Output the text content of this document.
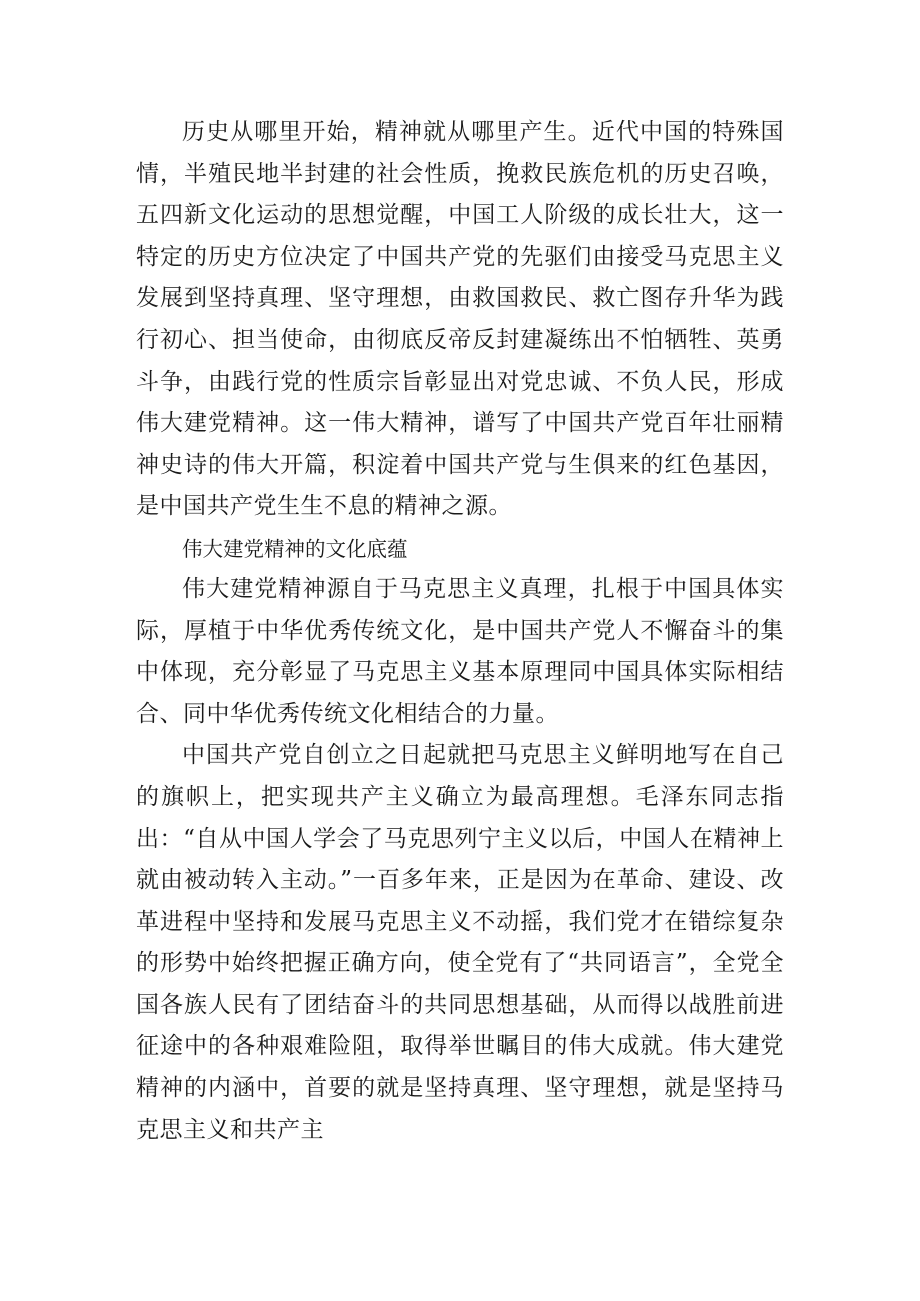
历史从哪里开始，精神就从哪里产生。近代中国的特殊国情，半殖民地半封建的社会性质，挽救民族危机的历史召唤，五四新文化运动的思想觉醒，中国工人阶级的成长壮大，这一特定的历史方位决定了中国共产党的先驱们由接受马克思主义发展到坚持真理、坚守理想，由救国救民、救亡图存升华为践行初心、担当使命，由彻底反帝反封建凝练出不怕牺牲、英勇斗争，由践行党的性质宗旨彰显出对党忠诚、不负人民，形成伟大建党精神。这一伟大精神，谱写了中国共产党百年壮丽精神史诗的伟大开篇，积淀着中国共产党与生俱来的红色基因，是中国共产党生生不息的精神之源。

伟大建党精神的文化底蕴

伟大建党精神源自于马克思主义真理，扎根于中国具体实际，厚植于中华优秀传统文化，是中国共产党人不懈奋斗的集中体现，充分彰显了马克思主义基本原理同中国具体实际相结合、同中华优秀传统文化相结合的力量。

中国共产党自创立之日起就把马克思主义鲜明地写在自己的旗帜上，把实现共产主义确立为最高理想。毛泽东同志指出：“自从中国人学会了马克思列宁主义以后，中国人在精神上就由被动转入主动。”一百多年来，正是因为在革命、建设、改革进程中坚持和发展马克思主义不动摇，我们党才在错综复杂的形势中始终把握正确方向，使全党有了“共同语言”，全党全国各族人民有了团结奋斗的共同思想基础，从而得以战胜前进征途中的各种艰难险阻，取得举世瞩目的伟大成就。伟大建党精神的内涵中，首要的就是坚持真理、坚守理想，就是坚持马克思主义和共产主
